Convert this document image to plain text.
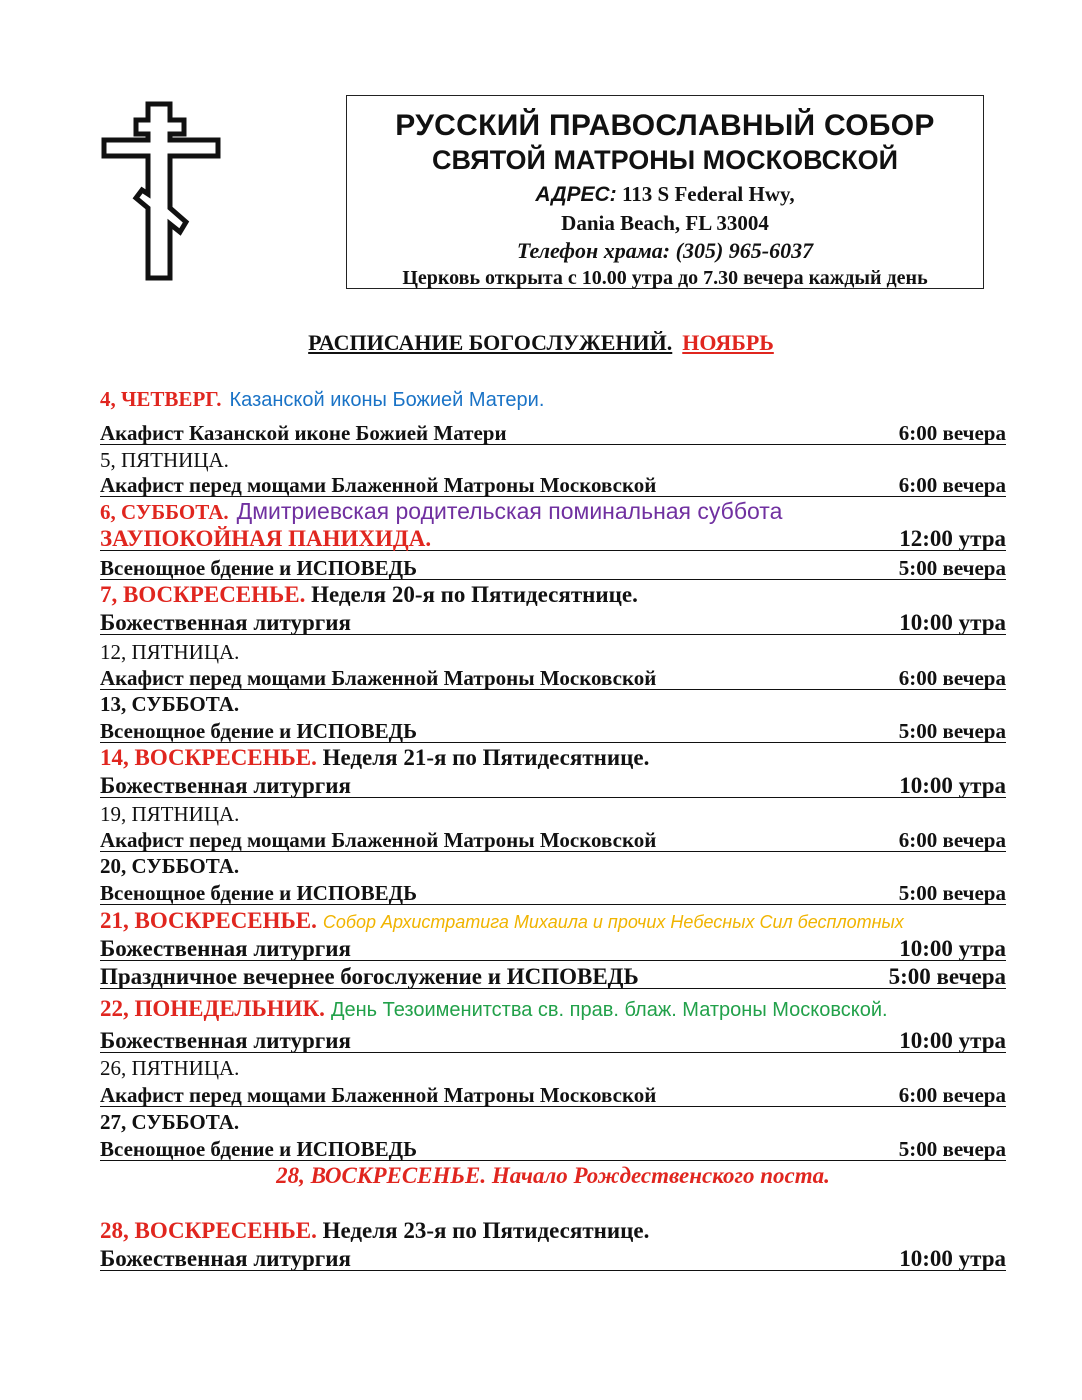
РУССКИЙ ПРАВОСЛАВНЫЙ СОБОР
СВЯТОЙ МАТРОНЫ МОСКОВСКОЙ
АДРЕС: 113 S Federal Hwy,
Dania Beach, FL 33004
Телефон храма: (305) 965-6037
Церковь открыта с 10.00 утра до 7.30 вечера каждый день
РАСПИСАНИЕ БОГОСЛУЖЕНИЙ. НОЯБРЬ
4, ЧЕТВЕРГ. Казанской иконы Божией Матери.
Акафист Казанской иконе Божией Матери	6:00 вечера
5, ПЯТНИЦА.
Акафист перед мощами Блаженной Матроны Московской	6:00 вечера
6, СУББОТА. Дмитриевская родительская поминальная суббота
ЗАУПОКОЙНАЯ ПАНИХИДА.	12:00 утра
Всенощное бдение и ИСПОВЕДЬ	5:00 вечера
7, ВОСКРЕСЕНЬЕ. Неделя 20-я по Пятидесятнице.
Божественная литургия	10:00 утра
12, ПЯТНИЦА.
Акафист перед мощами Блаженной Матроны Московской	6:00 вечера
13, СУББОТА.
Всенощное бдение и ИСПОВЕДЬ	5:00 вечера
14, ВОСКРЕСЕНЬЕ. Неделя 21-я по Пятидесятнице.
Божественная литургия	10:00 утра
19, ПЯТНИЦА.
Акафист перед мощами Блаженной Матроны Московской	6:00 вечера
20, СУББОТА.
Всенощное бдение и ИСПОВЕДЬ	5:00 вечера
21, ВОСКРЕСЕНЬЕ. Собор Архистратига Михаила и прочих Небесных Сил бесплотных
Божественная литургия	10:00 утра
Праздничное вечернее богослужение и ИСПОВЕДЬ	5:00 вечера
22, ПОНЕДЕЛЬНИК. День Тезоименитства св. прав. блаж. Матроны Московской.
Божественная литургия	10:00 утра
26, ПЯТНИЦА.
Акафист перед мощами Блаженной Матроны Московской	6:00 вечера
27, СУББОТА.
Всенощное бдение и ИСПОВЕДЬ	5:00 вечера
28, ВОСКРЕСЕНЬЕ. Начало Рождественского поста.
28, ВОСКРЕСЕНЬЕ. Неделя 23-я по Пятидесятнице.
Божественная литургия	10:00 утра
